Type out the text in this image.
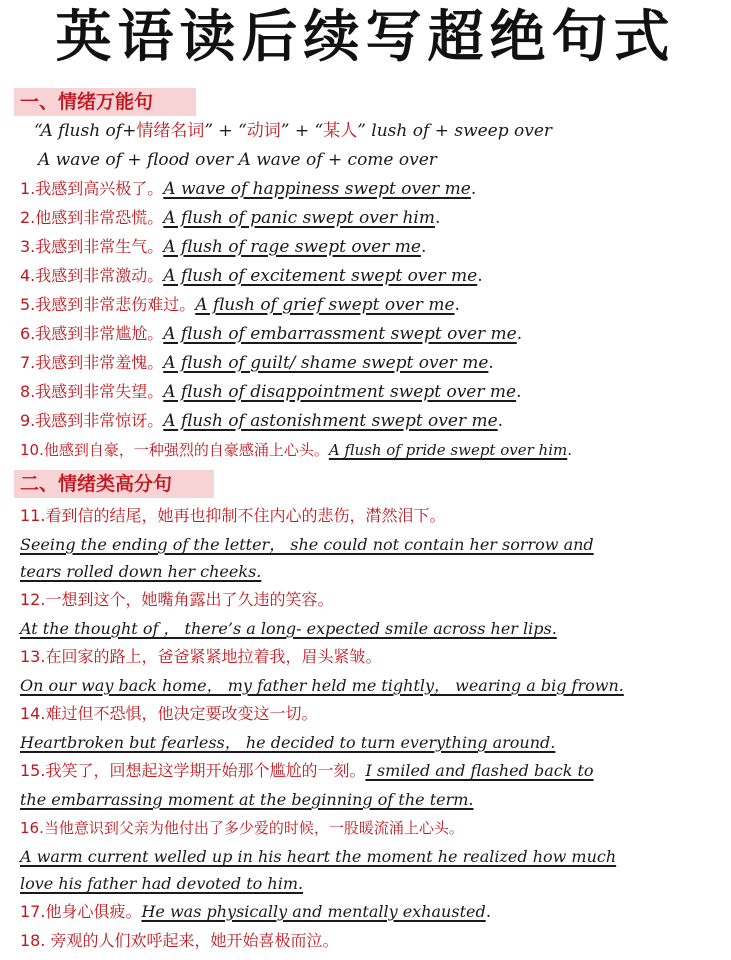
英语读后续写超绝句式
一、情绪万能句
“A flush of+情绪名词” + “动词” + “某人” lush of + sweep over
A wave of + flood over A wave of + come over
1.我感到高兴极了。A wave of happiness swept over me.
2.他感到非常恐慌。A flush of panic swept over him.
3.我感到非常生气。A flush of rage swept over me.
4.我感到非常激动。A flush of excitement swept over me.
5.我感到非常悲伤难过。A flush of grief swept over me.
6.我感到非常尴尬。A flush of embarrassment swept over me.
7.我感到非常羞愧。A flush of guilt/ shame swept over me.
8.我感到非常失望。A flush of disappointment swept over me.
9.我感到非常惊讶。A flush of astonishment swept over me.
10.他感到自豪，一种强烈的自豪感涌上心头。A flush of pride swept over him.
二、情绪类高分句
11.看到信的结尾，她再也抑制不住内心的悲伤，潸然泪下。
Seeing the ending of the letter， she could not contain her sorrow and
tears rolled down her cheeks.
12.一想到这个，她嘴角露出了久违的笑容。
At the thought of ， there’s a long- expected smile across her lips.
13.在回家的路上，爸爸紧紧地拉着我，眉头紧皱。
On our way back home， my father held me tightly， wearing a big frown.
14.难过但不恐惧，他决定要改变这一切。
Heartbroken but fearless， he decided to turn everything around.
15.我笑了，回想起这学期开始那个尴尬的一刻。I smiled and flashed back to
the embarrassing moment at the beginning of the term.
16.当他意识到父亲为他付出了多少爱的时候，一股暖流涌上心头。
A warm current welled up in his heart the moment he realized how much
love his father had devoted to him.
17.他身心俱疲。He was physically and mentally exhausted.
18. 旁观的人们欢呼起来，她开始喜极而泣。
